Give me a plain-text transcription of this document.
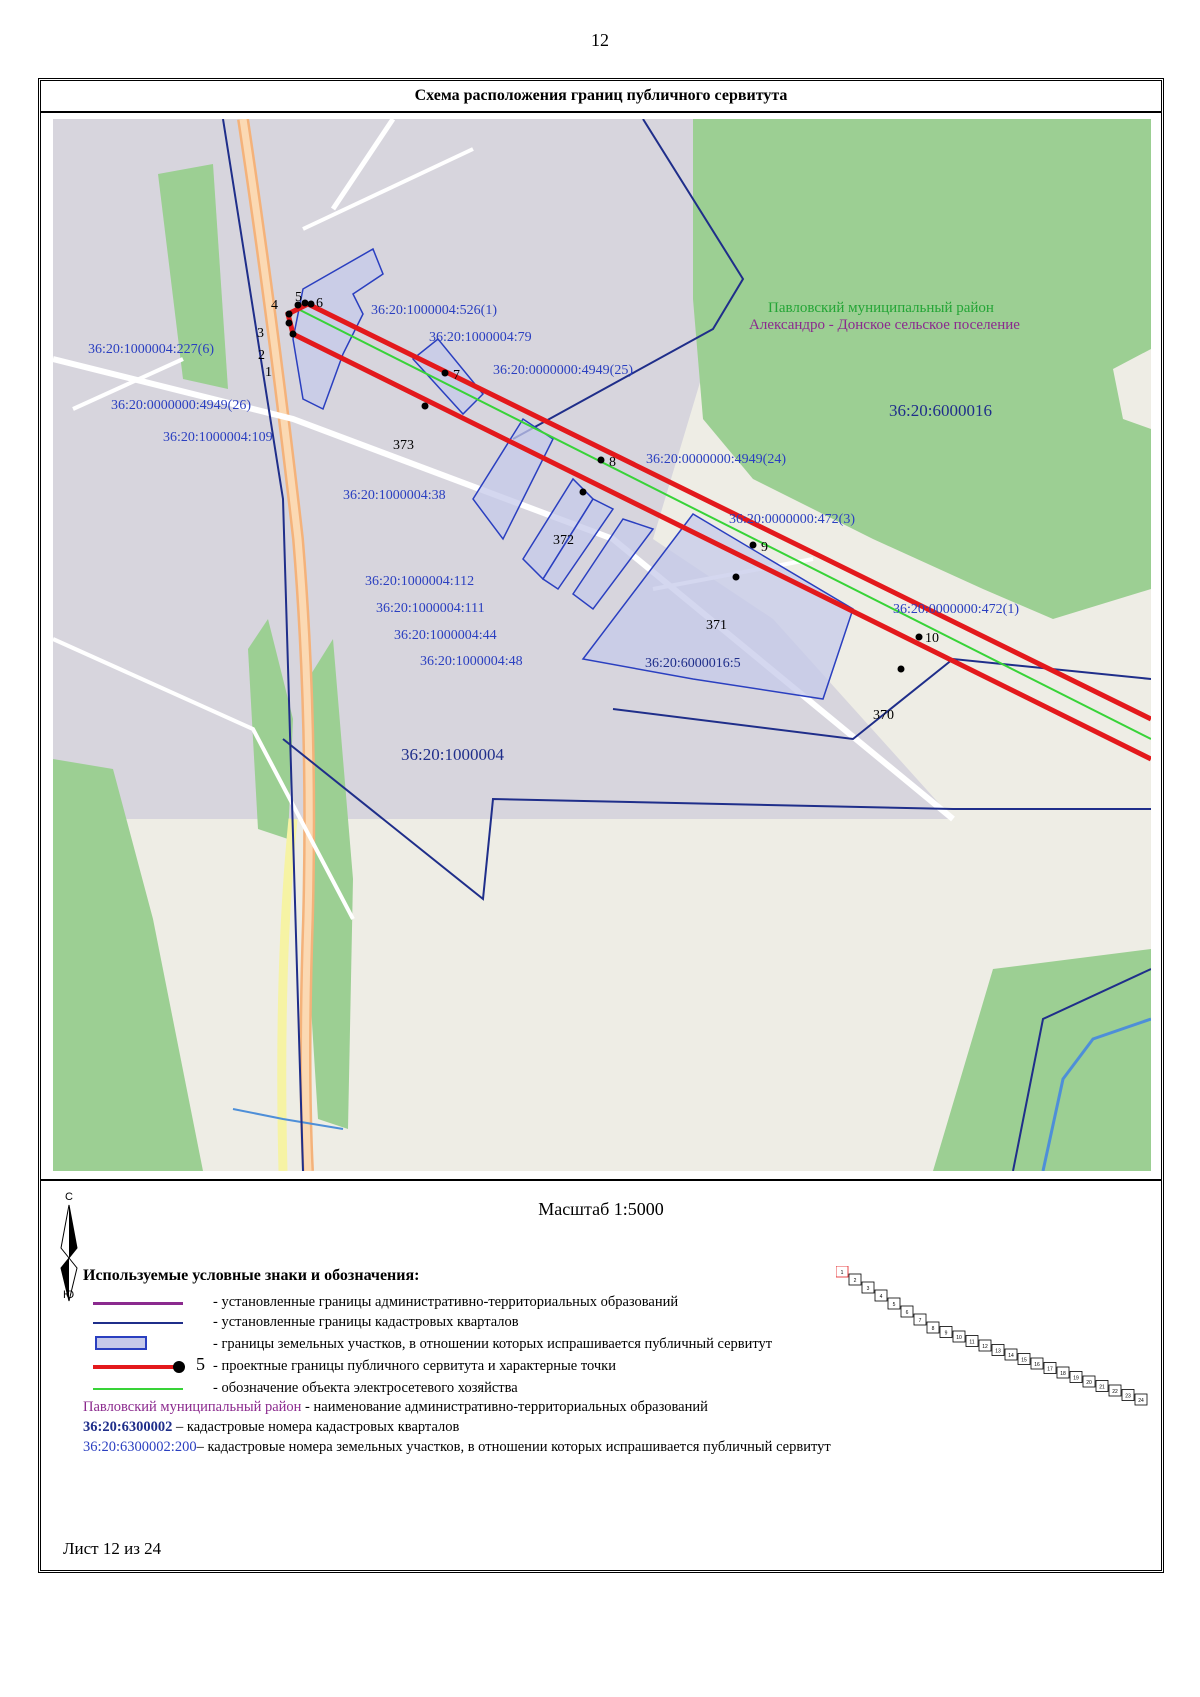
12
Схема расположения границ публичного сервитута
1
2
3
4
5 6
7
8
9
10
373
372
371
370
36:20:1000004:526(1)
36:20:1000004:79
36:20:1000004:227(6)
36:20:0000000:4949(25)
36:20:0000000:4949(26)
36:20:1000004:109
36:20:0000000:4949(24)
36:20:1000004:38
36:20:0000000:472(3)
36:20:1000004:112
36:20:1000004:111
36:20:1000004:44
36:20:1000004:48
36:20:0000000:472(1)
36:20:6000016:5
36:20:6000016
36:20:1000004
Павловский муниципальный район
Александро - Донское сельское поселение
Масштаб 1:5000
С
Ю
Используемые условные знаки и обозначения:
- установленные границы административно-территориальных образований
- установленные границы кадастровых кварталов
- границы земельных участков, в отношении которых испрашивается публичный сервитут
5 - проектные границы публичного сервитута и характерные точки
- обозначение объекта электросетевого хозяйства
Павловский муниципальный район - наименование административно-территориальных образований
36:20:6300002 – кадастровые номера кадастровых кварталов
36:20:6300002:200– кадастровые номера земельных участков, в отношении которых испрашивается публичный сервитут
Лист 12 из 24
1
2
3
4
5
6
7
8
9
10
11
12
13
14
15
16
17
18
19
20
21
22
23
24
